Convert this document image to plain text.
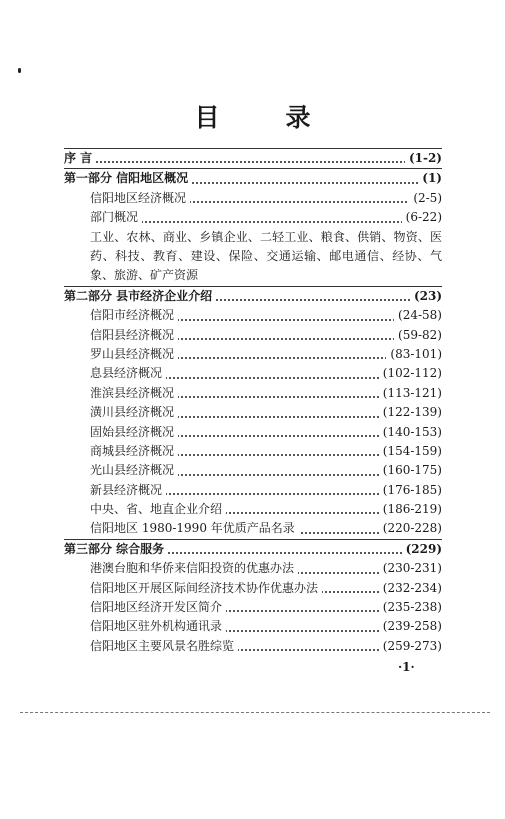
目录
序 言	(1-2)
第一部分 信阳地区概况	(1)
信阳地区经济概况	(2-5)
部门概况	(6-22)
工业、农林、商业、乡镇企业、二轻工业、粮食、供销、物资、医药、科技、教育、建设、保险、交通运输、邮电通信、经协、气象、旅游、矿产资源
第二部分 县市经济企业介绍	(23)
信阳市经济概况	(24-58)
信阳县经济概况	(59-82)
罗山县经济概况	(83-101)
息县经济概况	(102-112)
淮滨县经济概况	(113-121)
潢川县经济概况	(122-139)
固始县经济概况	(140-153)
商城县经济概况	(154-159)
光山县经济概况	(160-175)
新县经济概况	(176-185)
中央、省、地直企业介绍	(186-219)
信阳地区 1980-1990 年优质产品名录	(220-228)
第三部分 综合服务	(229)
港澳台胞和华侨来信阳投资的优惠办法	(230-231)
信阳地区开展区际间经济技术协作优惠办法	(232-234)
信阳地区经济开发区简介	(235-238)
信阳地区驻外机构通讯录	(239-258)
信阳地区主要风景名胜综览	(259-273)
·1·
